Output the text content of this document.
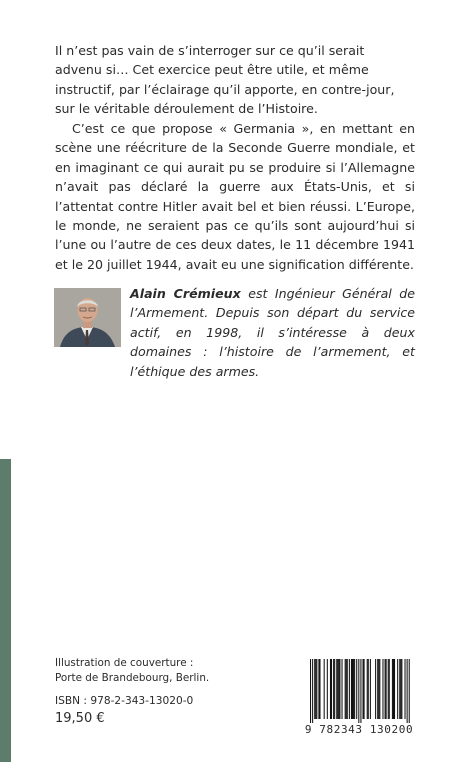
Il n’est pas vain de s’interroger sur ce qu’il serait advenu si… Cet exercice peut être utile, et même instructif, par l’éclairage qu’il apporte, en contre-jour, sur le véritable déroulement de l’Histoire.

C’est ce que propose « Germania », en mettant en scène une réécriture de la Seconde Guerre mondiale, et en imaginant ce qui aurait pu se produire si l’Allemagne n’avait pas déclaré la guerre aux États-Unis, et si l’attentat contre Hitler avait bel et bien réussi. L’Europe, le monde, ne seraient pas ce qu’ils sont aujourd’hui si l’une ou l’autre de ces deux dates, le 11 décembre 1941 et le 20 juillet 1944, avait eu une signification différente.

Alain Crémieux est Ingénieur Général de l’Armement. Depuis son départ du service actif, en 1998, il s’intéresse à deux domaines : l’histoire de l’armement, et l’éthique des armes.

Illustration de couverture :
Porte de Brandebourg, Berlin.

ISBN : 978-2-343-13020-0

19,50 €

9 782343 130200
